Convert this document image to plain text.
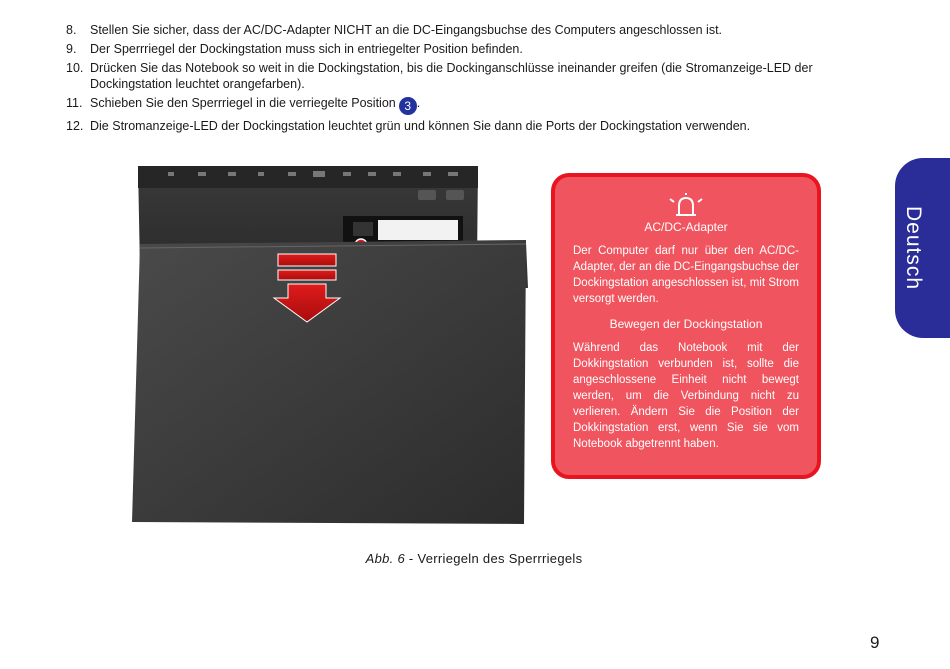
8. Stellen Sie sicher, dass der AC/DC-Adapter NICHT an die DC-Eingangsbuchse des Computers angeschlossen ist.
9. Der Sperrriegel der Dockingstation muss sich in entriegelter Position befinden.
10. Drücken Sie das Notebook so weit in die Dockingstation, bis die Dockinganschlüsse ineinander greifen (die Stromanzeige-LED der Dockingstation leuchtet orangefarben).
11. Schieben Sie den Sperrriegel in die verriegelte Position 3 .
12. Die Stromanzeige-LED der Dockingstation leuchtet grün und können Sie dann die Ports der Dockingstation verwenden.
Deutsch
AC/DC-Adapter

Der Computer darf nur über den AC/DC-Adapter, der an die DC-Eingangsbuchse der Dockingstation angeschlossen ist, mit Strom versorgt werden.

Bewegen der Dockingstation

Während das Notebook mit der Dokkingstation verbunden ist, sollte die angeschlossene Einheit nicht bewegt werden, um die Verbindung nicht zu verlieren. Ändern Sie die Position der Dokkingstation erst, wenn Sie sie vom Notebook abgetrennt haben.

Abb. 6 - Verriegeln des Sperrriegels
9
